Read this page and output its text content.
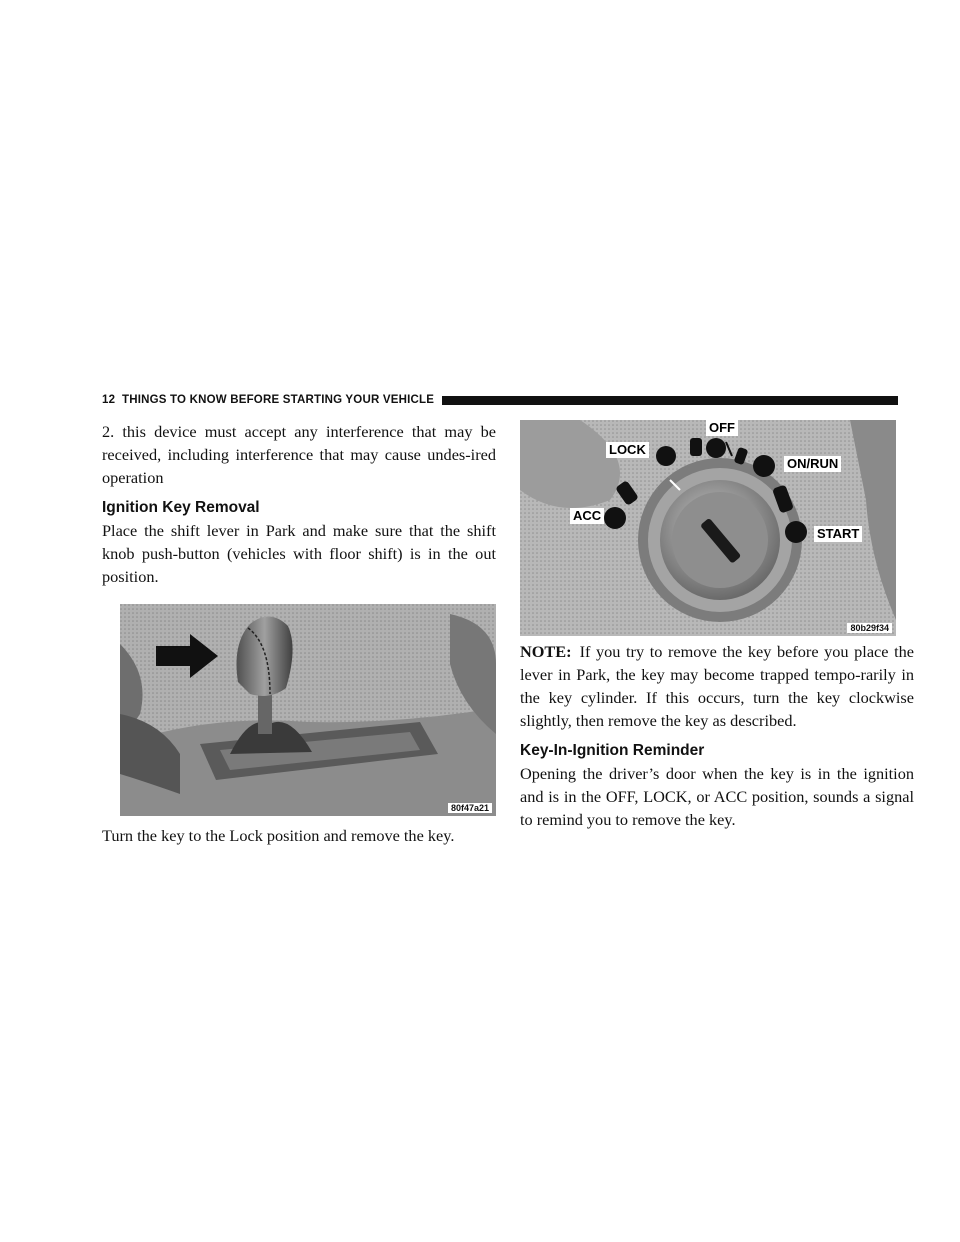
12 THINGS TO KNOW BEFORE STARTING YOUR VEHICLE

2. this device must accept any interference that may be received, including interference that may cause undes-ired operation

Ignition Key Removal

Place the shift lever in Park and make sure that the shift knob push-button (vehicles with floor shift) is in the out position.

80f47a21

Turn the key to the Lock position and remove the key.

OFF
LOCK
ON/RUN
ACC
START
80b29f34

NOTE: If you try to remove the key before you place the lever in Park, the key may become trapped tempo-rarily in the key cylinder. If this occurs, turn the key clockwise slightly, then remove the key as described.

Key-In-Ignition Reminder

Opening the driver’s door when the key is in the ignition and is in the OFF, LOCK, or ACC position, sounds a signal to remind you to remove the key.
